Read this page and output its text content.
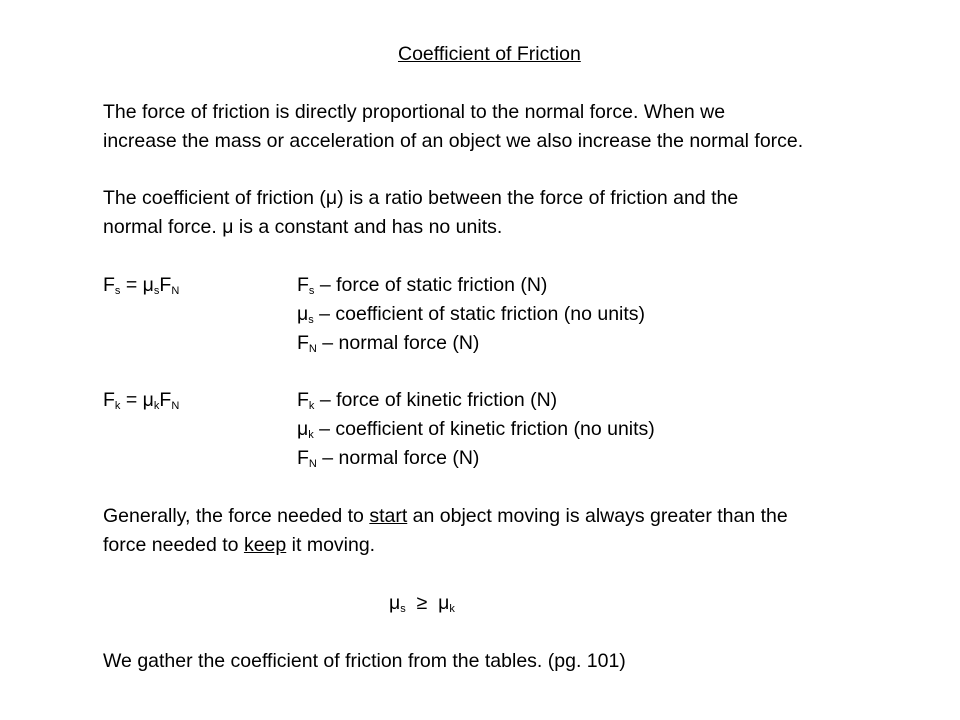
Coefficient of Friction
The force of friction is directly proportional to the normal force. When we
increase the mass or acceleration of an object we also increase the normal force.
The coefficient of friction (μ) is a ratio between the force of friction and the
normal force. μ is a constant and has no units.
$F_s = \mu_sF_N$	$F_s$ – force of static friction (N)
$\mu_s$ – coefficient of static friction (no units)
$F_N$ – normal force (N)
$F_k = \mu_kF_N$	$F_k$ – force of kinetic friction (N)
$\mu_k$ – coefficient of kinetic friction (no units)
$F_N$ – normal force (N)
Generally, the force needed to start an object moving is always greater than the
force needed to keep it moving.
$\mu_s \ge \mu_k$
We gather the coefficient of friction from the tables. (pg. 101)
